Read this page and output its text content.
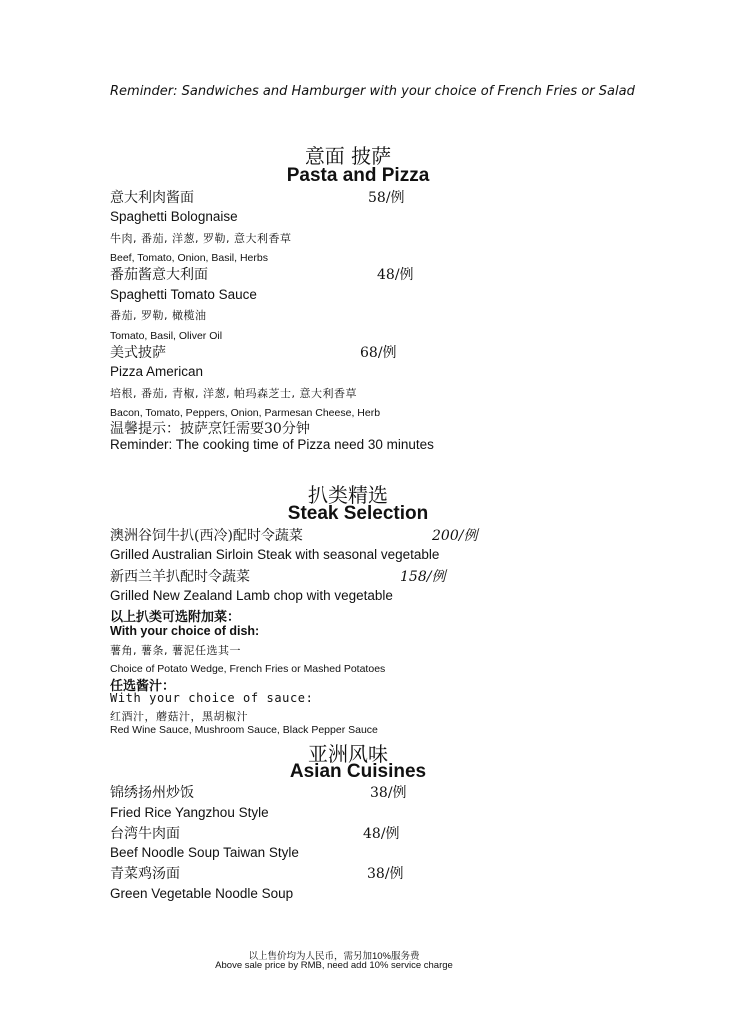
Reminder: Sandwiches and Hamburger with your choice of French Fries or Salad
意面 披萨
Pasta and Pizza
意大利肉酱面	58/例
Spaghetti Bolognaise
牛肉, 番茄, 洋葱, 罗勒, 意大利香草
Beef, Tomato, Onion, Basil, Herbs
番茄酱意大利面	48/例
Spaghetti Tomato Sauce
番茄, 罗勒, 橄榄油
Tomato, Basil, Oliver Oil
美式披萨	68/例
Pizza American
培根, 番茄, 青椒, 洋葱, 帕玛森芝士, 意大利香草
Bacon, Tomato, Peppers, Onion, Parmesan Cheese, Herb
温馨提示：披萨烹饪需要30分钟
Reminder: The cooking time of Pizza need 30 minutes
扒类精选
Steak Selection
澳洲谷饲牛扒(西冷)配时令蔬菜	200/例
Grilled Australian Sirloin Steak with seasonal vegetable
新西兰羊扒配时令蔬菜	158/例
Grilled New Zealand Lamb chop with vegetable
以上扒类可选附加菜：
With your choice of dish:
薯角, 薯条, 薯泥任选其一
Choice of Potato Wedge, French Fries or Mashed Potatoes
任选酱汁：
With your choice of sauce:
红酒汁，蘑菇汁，黑胡椒汁
Red Wine Sauce, Mushroom Sauce, Black Pepper Sauce
亚洲风味
Asian Cuisines
锦绣扬州炒饭	38/例
Fried Rice Yangzhou Style
台湾牛肉面	48/例
Beef Noodle Soup Taiwan Style
青菜鸡汤面	38/例
Green Vegetable Noodle Soup
以上售价均为人民币，需另加10%服务费
Above sale price by RMB, need add 10% service charge
